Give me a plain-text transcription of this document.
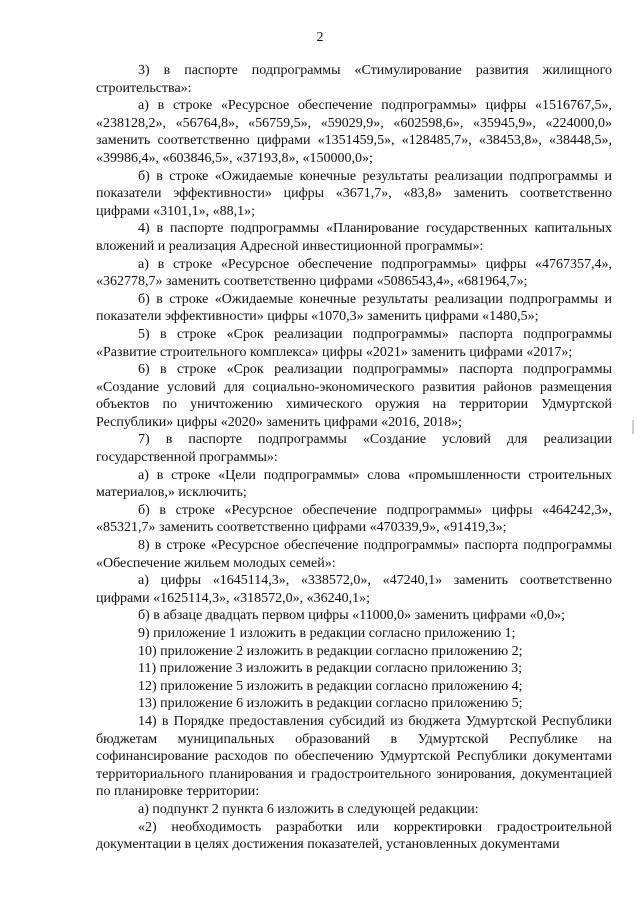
2

3) в паспорте подпрограммы «Стимулирование развития жилищного строительства»:

а) в строке «Ресурсное обеспечение подпрограммы» цифры «1516767,5», «238128,2», «56764,8», «56759,5», «59029,9», «602598,6», «35945,9», «224000,0» заменить соответственно цифрами «1351459,5», «128485,7», «38453,8», «38448,5», «39986,4», «603846,5», «37193,8», «150000,0»;

б) в строке «Ожидаемые конечные результаты реализации подпрограммы и показатели эффективности» цифры «3671,7», «83,8» заменить соответственно цифрами «3101,1», «88,1»;

4) в паспорте подпрограммы «Планирование государственных капитальных вложений и реализация Адресной инвестиционной программы»:

а) в строке «Ресурсное обеспечение подпрограммы» цифры «4767357,4», «362778,7» заменить соответственно цифрами «5086543,4», «681964,7»;

б) в строке «Ожидаемые конечные результаты реализации подпрограммы и показатели эффективности» цифры «1070,3» заменить цифрами «1480,5»;

5) в строке «Срок реализации подпрограммы» паспорта подпрограммы «Развитие строительного комплекса» цифры «2021» заменить цифрами «2017»;

6) в строке «Срок реализации подпрограммы» паспорта подпрограммы «Создание условий для социально-экономического развития районов размещения объектов по уничтожению химического оружия на территории Удмуртской Республики» цифры «2020» заменить цифрами «2016, 2018»;

7) в паспорте подпрограммы «Создание условий для реализации государственной программы»:

а) в строке «Цели подпрограммы» слова «промышленности строительных материалов,» исключить;

б) в строке «Ресурсное обеспечение подпрограммы» цифры «464242,3», «85321,7» заменить соответственно цифрами «470339,9», «91419,3»;

8) в строке «Ресурсное обеспечение подпрограммы» паспорта подпрограммы «Обеспечение жильем молодых семей»:

а) цифры «1645114,3», «338572,0», «47240,1» заменить соответственно цифрами «1625114,3», «318572,0», «36240,1»;

б) в абзаце двадцать первом цифры «11000,0» заменить цифрами «0,0»;

9) приложение 1 изложить в редакции согласно приложению 1;

10) приложение 2 изложить в редакции согласно приложению 2;

11) приложение 3 изложить в редакции согласно приложению 3;

12) приложение 5 изложить в редакции согласно приложению 4;

13) приложение 6 изложить в редакции согласно приложению 5;

14) в Порядке предоставления субсидий из бюджета Удмуртской Республики бюджетам муниципальных образований в Удмуртской Республике на софинансирование расходов по обеспечению Удмуртской Республики документами территориального планирования и градостроительного зонирования, документацией по планировке территории:

а) подпункт 2 пункта 6 изложить в следующей редакции:

«2) необходимость разработки или корректировки градостроительной документации в целях достижения показателей, установленных документами
